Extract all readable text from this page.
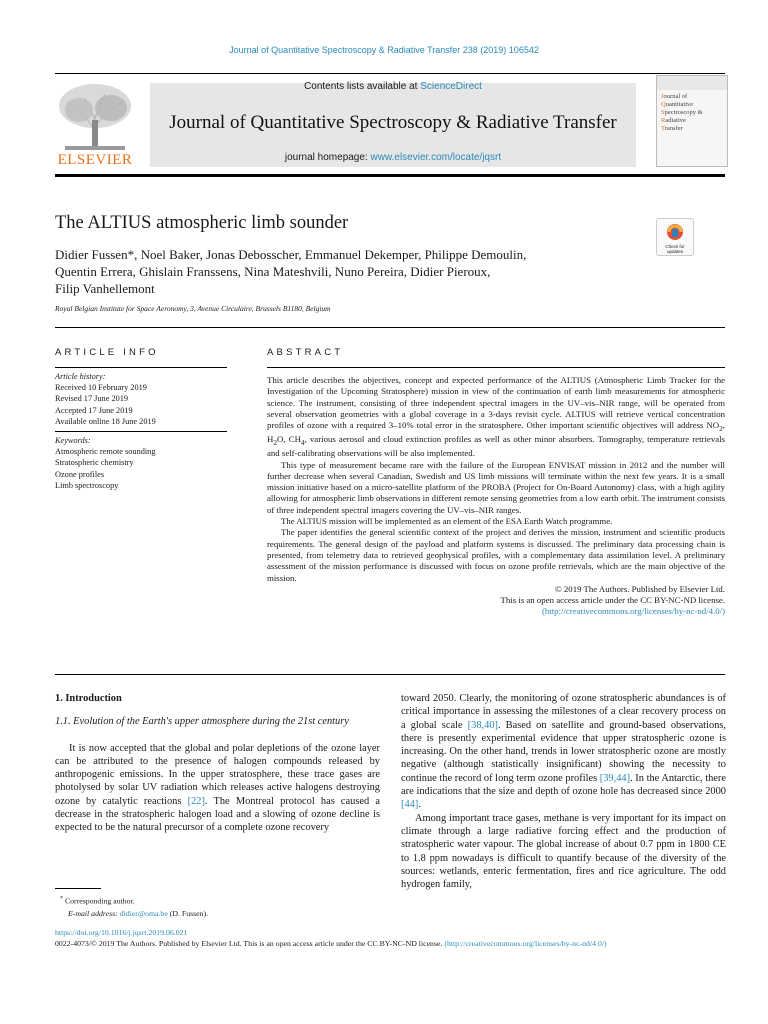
Journal of Quantitative Spectroscopy & Radiative Transfer 238 (2019) 106542
ELSEVIER
Contents lists available at ScienceDirect
Journal of Quantitative Spectroscopy & Radiative Transfer
journal homepage: www.elsevier.com/locate/jqsrt
Journal of
Quantitative
Spectroscopy &
Radiative
Transfer
The ALTIUS atmospheric limb sounder
Check for updates
Didier Fussen*, Noel Baker, Jonas Debosscher, Emmanuel Dekemper, Philippe Demoulin,
Quentin Errera, Ghislain Franssens, Nina Mateshvili, Nuno Pereira, Didier Pieroux,
Filip Vanhellemont
Royal Belgian Institute for Space Aeronomy, 3, Avenue Circulaire, Brussels B1180, Belgium
ARTICLE INFO
Article history:
Received 10 February 2019
Revised 17 June 2019
Accepted 17 June 2019
Available online 18 June 2019
Keywords:
Atmospheric remote sounding
Stratospheric chemistry
Ozone profiles
Limb spectroscopy
ABSTRACT

This article describes the objectives, concept and expected performance of the ALTIUS (Atmospheric Limb Tracker for the Investigation of the Upcoming Stratosphere) mission in view of the continuation of earth limb measurements for atmospheric science. The instrument, consisting of three independent spectral imagers in the UV–vis–NIR range, will be operated from several observation geometries with a global coverage in a 3-days revisit cycle. ALTIUS will retrieve vertical concentration profiles of ozone with a required 3–10% total error in the stratosphere. Other important scientific objectives will address $NO_2$, $H_2O$, $CH_4$, various aerosol and cloud extinction profiles as well as other minor absorbers. Tomography, temperature retrievals and self-calibrating observations will be also implemented.

This type of measurement became rare with the failure of the European ENVISAT mission in 2012 and the number will further decrease when several Canadian, Swedish and US limb missions will terminate within the next few years. It is a small mission initiative based on a micro-satellite platform of the PROBA (Project for On-Board Autonomy) class, with a high agility allowing for atmospheric limb observations in different remote sensing geometries from a low earth orbit. The instrument consists of three independent spectral imagers covering the UV–vis–NIR ranges.

The ALTIUS mission will be implemented as an element of the ESA Earth Watch programme.

The paper identifies the general scientific context of the project and derives the mission, instrument and scientific products requirements. The general design of the payload and platform systems is discussed. The preliminary data processing chain is presented, from telemetry data to retrieved geophysical profiles, with a complementary data assimilation level. A preliminary assessment of the mission performance is discussed with focus on ozone profile retrievals, which are the main objective of the mission.

© 2019 The Authors. Published by Elsevier Ltd.

This is an open access article under the CC BY-NC-ND license.

(http://creativecommons.org/licenses/by-nc-nd/4.0/)

1. Introduction

1.1. Evolution of the Earth's upper atmosphere during the 21st century

It is now accepted that the global and polar depletions of the ozone layer can be attributed to the presence of halogen compounds released by anthropogenic emissions. In the upper stratosphere, these trace gases are photolysed by solar UV radiation which releases active halogens destroying ozone by catalytic reactions [22]. The Montreal protocol has caused a decrease in the stratospheric halogen load and a slowing of ozone decline is expected to be the natural precursor of a complete ozone recovery

toward 2050. Clearly, the monitoring of ozone stratospheric abundances is of critical importance in assessing the milestones of a clear recovery process on a global scale [38,40]. Based on satellite and ground-based observations, there is presently experimental evidence that upper stratospheric ozone is increasing. On the other hand, trends in lower stratospheric ozone are mostly negative (although statistically insignificant) showing the necessity to continue the record of long term ozone profiles [39,44]. In the Antarctic, there are indications that the size and depth of ozone hole has decreased since 2000 [44].

Among important trace gases, methane is very important for its impact on climate through a large radiative forcing effect and the production of stratospheric water vapour. The global increase of about 0.7 ppm in 1800 CE to 1.8 ppm nowadays is difficult to quantify because of the diversity of the sources: wetlands, enteric fermentation, fires and rice agriculture. The odd hydrogen family,

* Corresponding author.
E-mail address: didier@oma.be (D. Fussen).
https://doi.org/10.1016/j.jqsrt.2019.06.021
0022-4073/© 2019 The Authors. Published by Elsevier Ltd. This is an open access article under the CC BY-NC-ND license. (http://creativecommons.org/licenses/by-nc-nd/4.0/)
